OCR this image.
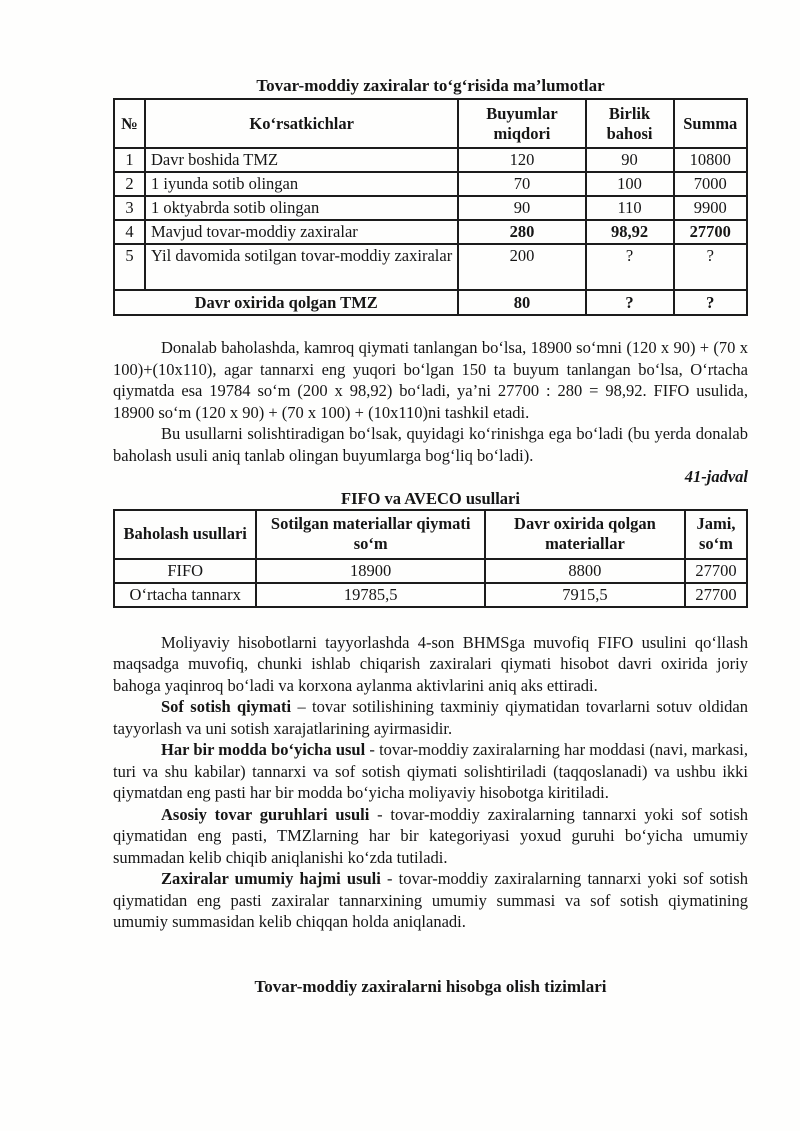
Tovar-moddiy zaxiralar to‘g‘risida ma’lumotlar
№	Ko‘rsatkichlar	Buyumlar miqdori	Birlik bahosi	Summa
1	Davr boshida TMZ	120	90	10800
2	1 iyunda sotib olingan	70	100	7000
3	1 oktyabrda sotib olingan	90	110	9900
4	Mavjud tovar-moddiy zaxiralar	280	98,92	27700
5	Yil davomida sotilgan tovar-moddiy zaxiralar	200	?	?
Davr oxirida qolgan TMZ		80	?	?

Donalab baholashda, kamroq qiymati tanlangan bo‘lsa, 18900 so‘mni (120 x 90) + (70 x 100)+(10x110), agar tannarxi eng yuqori bo‘lgan 150 ta buyum tanlangan bo‘lsa, O‘rtacha qiymatda esa 19784 so‘m (200 x 98,92) bo‘ladi, ya’ni 27700 : 280 = 98,92. FIFO usulida, 18900 so‘m (120 x 90) + (70 x 100) + (10x110)ni tashkil etadi.

Bu usullarni solishtiradigan bo‘lsak, quyidagi ko‘rinishga ega bo‘ladi (bu yerda donalab baholash usuli aniq tanlab olingan buyumlarga bog‘liq bo‘ladi).

41-jadval
FIFO va AVECO usullari
Baholash usullari	Sotilgan materiallar qiymati so‘m	Davr oxirida qolgan materiallar	Jami, so‘m
FIFO	18900	8800	27700
O‘rtacha tannarx	19785,5	7915,5	27700

Moliyaviy hisobotlarni tayyorlashda 4-son BHMSga muvofiq FIFO usulini qo‘llash maqsadga muvofiq, chunki ishlab chiqarish zaxiralari qiymati hisobot davri oxirida joriy bahoga yaqinroq bo‘ladi va korxona aylanma aktivlarini aniq aks ettiradi.

Sof sotish qiymati – tovar sotilishining taxminiy qiymatidan tovarlarni sotuv oldidan tayyorlash va uni sotish xarajatlarining ayirmasidir.

Har bir modda bo‘yicha usul - tovar-moddiy zaxiralarning har moddasi (navi, markasi, turi va shu kabilar) tannarxi va sof sotish qiymati solishtiriladi (taqqoslanadi) va ushbu ikki qiymatdan eng pasti har bir modda bo‘yicha moliyaviy hisobotga kiritiladi.

Asosiy tovar guruhlari usuli - tovar-moddiy zaxiralarning tannarxi yoki sof sotish qiymatidan eng pasti, TMZlarning har bir kategoriyasi yoxud guruhi bo‘yicha umumiy summadan kelib chiqib aniqlanishi ko‘zda tutiladi.

Zaxiralar umumiy hajmi usuli - tovar-moddiy zaxiralarning tannarxi yoki sof sotish qiymatidan eng pasti zaxiralar tannarxining umumiy summasi va sof sotish qiymatining umumiy summasidan kelib chiqqan holda aniqlanadi.

Tovar-moddiy zaxiralarni hisobga olish tizimlari
